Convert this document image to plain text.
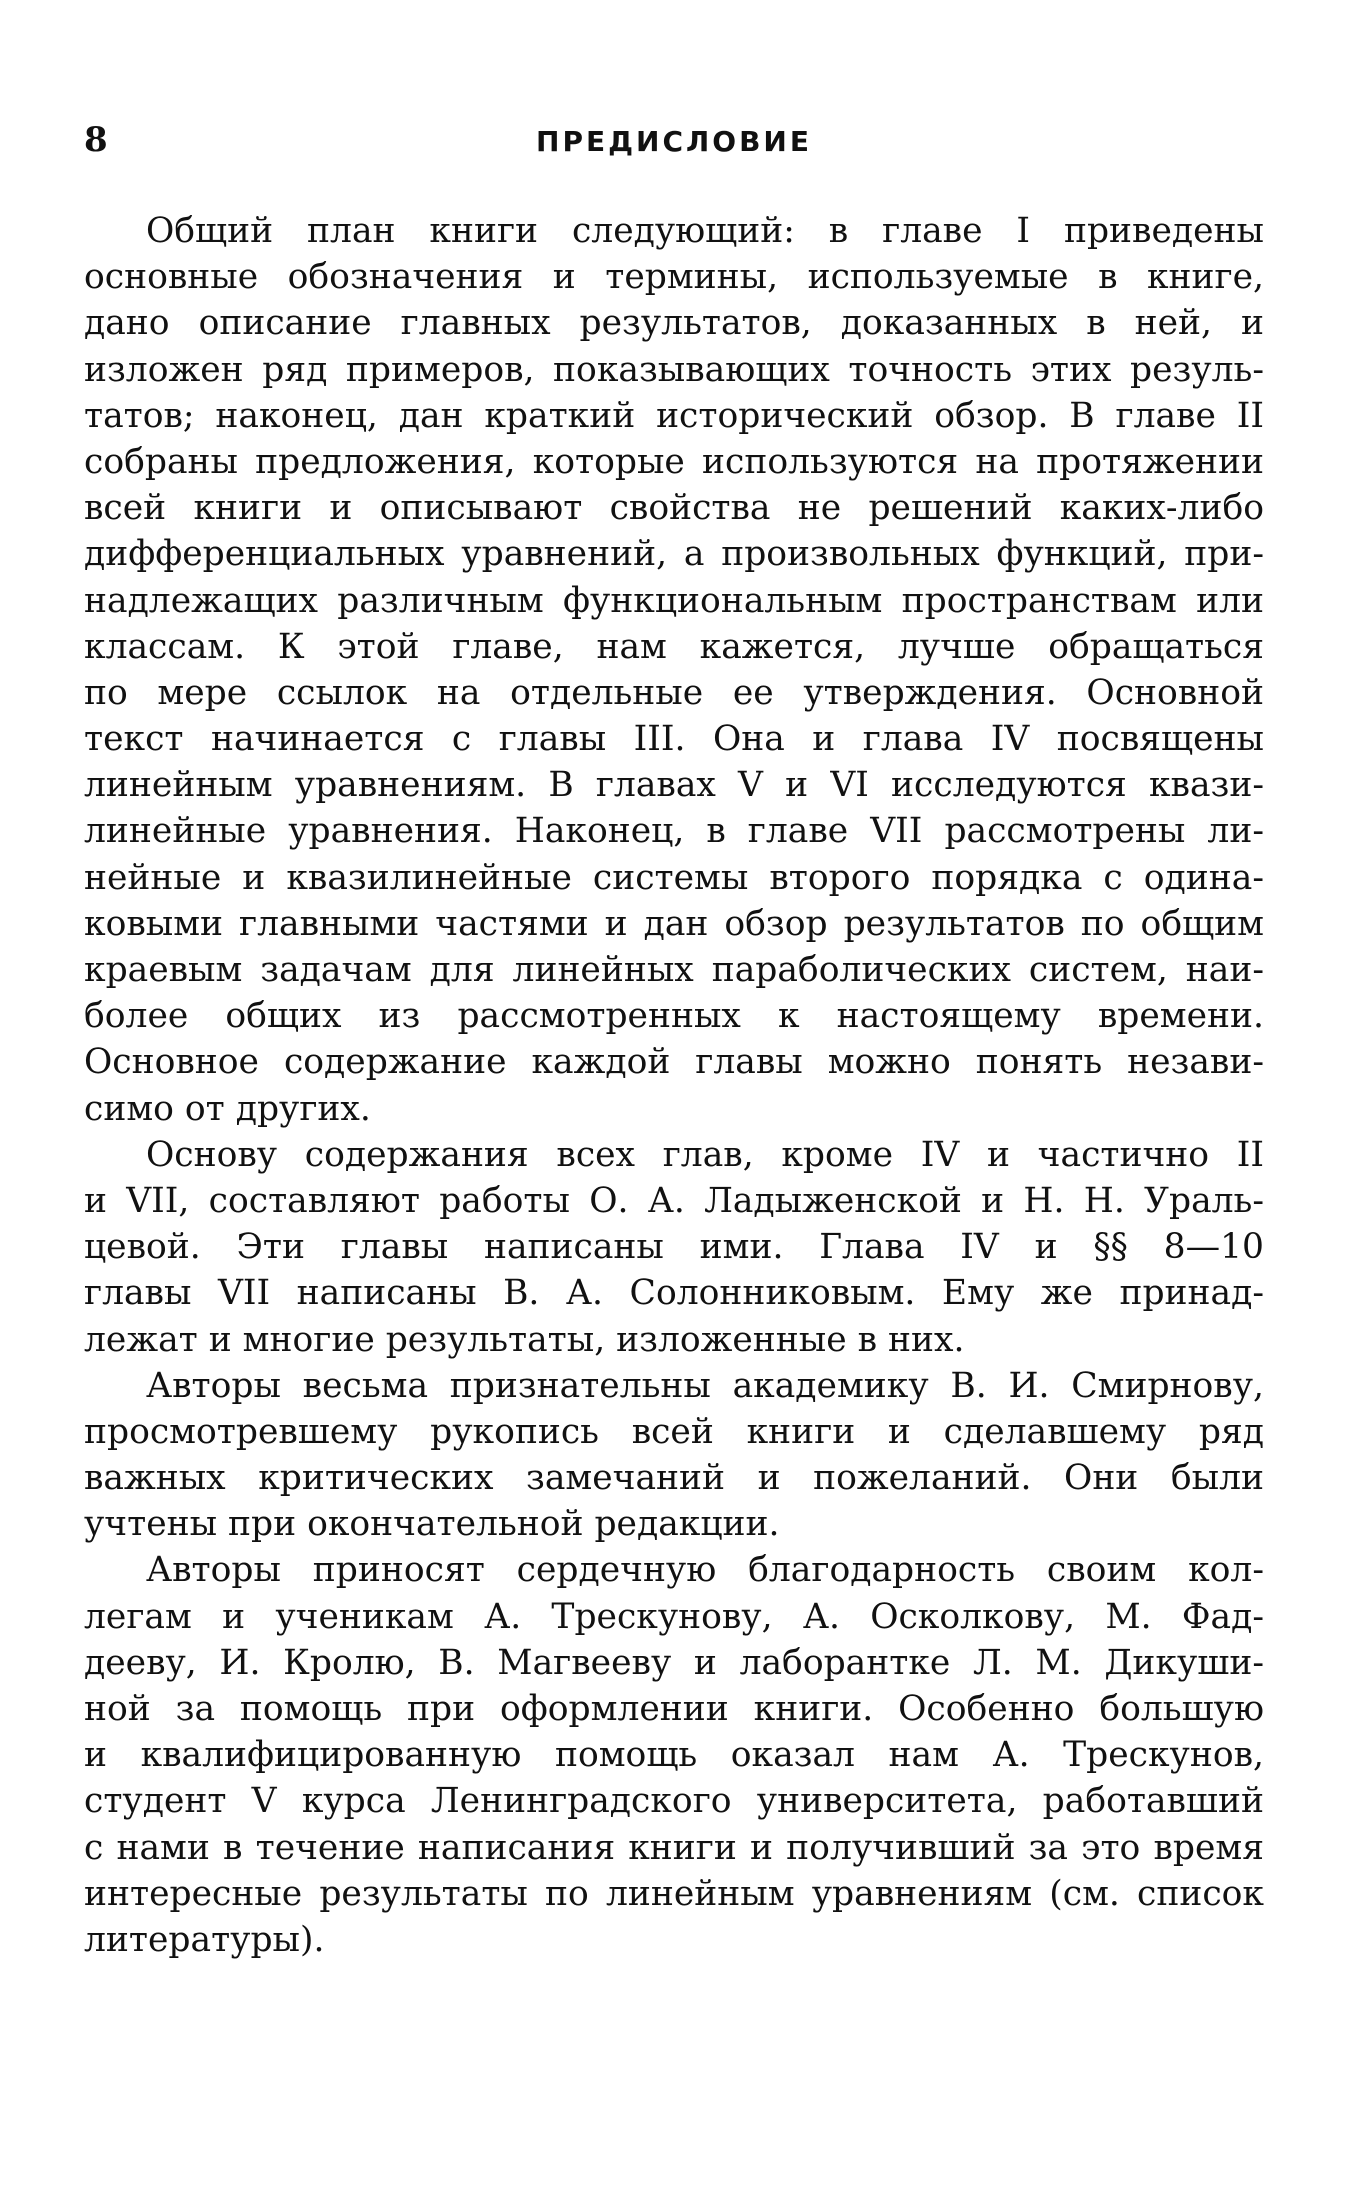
8	ПРЕДИСЛОВИЕ
Общий план книги следующий: в главе I приведены
основные обозначения и термины, используемые в книге,
дано описание главных результатов, доказанных в ней, и
изложен ряд примеров, показывающих точность этих резуль-
татов; наконец, дан краткий исторический обзор. В главе II
собраны предложения, которые используются на протяжении
всей книги и описывают свойства не решений каких-либо
дифференциальных уравнений, а произвольных функций, при-
надлежащих различным функциональным пространствам или
классам. К этой главе, нам кажется, лучше обращаться
по мере ссылок на отдельные ее утверждения. Основной
текст начинается с главы III. Она и глава IV посвящены
линейным уравнениям. В главах V и VI исследуются квази-
линейные уравнения. Наконец, в главе VII рассмотрены ли-
нейные и квазилинейные системы второго порядка с одина-
ковыми главными частями и дан обзор результатов по общим
краевым задачам для линейных параболических систем, наи-
более общих из рассмотренных к настоящему времени.
Основное содержание каждой главы можно понять незави-
симо от других.
Основу содержания всех глав, кроме IV и частично II
и VII, составляют работы О. А. Ладыженской и Н. Н. Ураль-
цевой. Эти главы написаны ими. Глава IV и §§ 8—10
главы VII написаны В. А. Солонниковым. Ему же принад-
лежат и многие результаты, изложенные в них.
Авторы весьма признательны академику В. И. Смирнову,
просмотревшему рукопись всей книги и сделавшему ряд
важных критических замечаний и пожеланий. Они были
учтены при окончательной редакции.
Авторы приносят сердечную благодарность своим кол-
легам и ученикам А. Трескунову, А. Осколкову, М. Фад-
дееву, И. Кролю, В. Магвееву и лаборантке Л. М. Дикуши-
ной за помощь при оформлении книги. Особенно большую
и квалифицированную помощь оказал нам А. Трескунов,
студент V курса Ленинградского университета, работавший
с нами в течение написания книги и получивший за это время
интересные результаты по линейным уравнениям (см. список
литературы).
